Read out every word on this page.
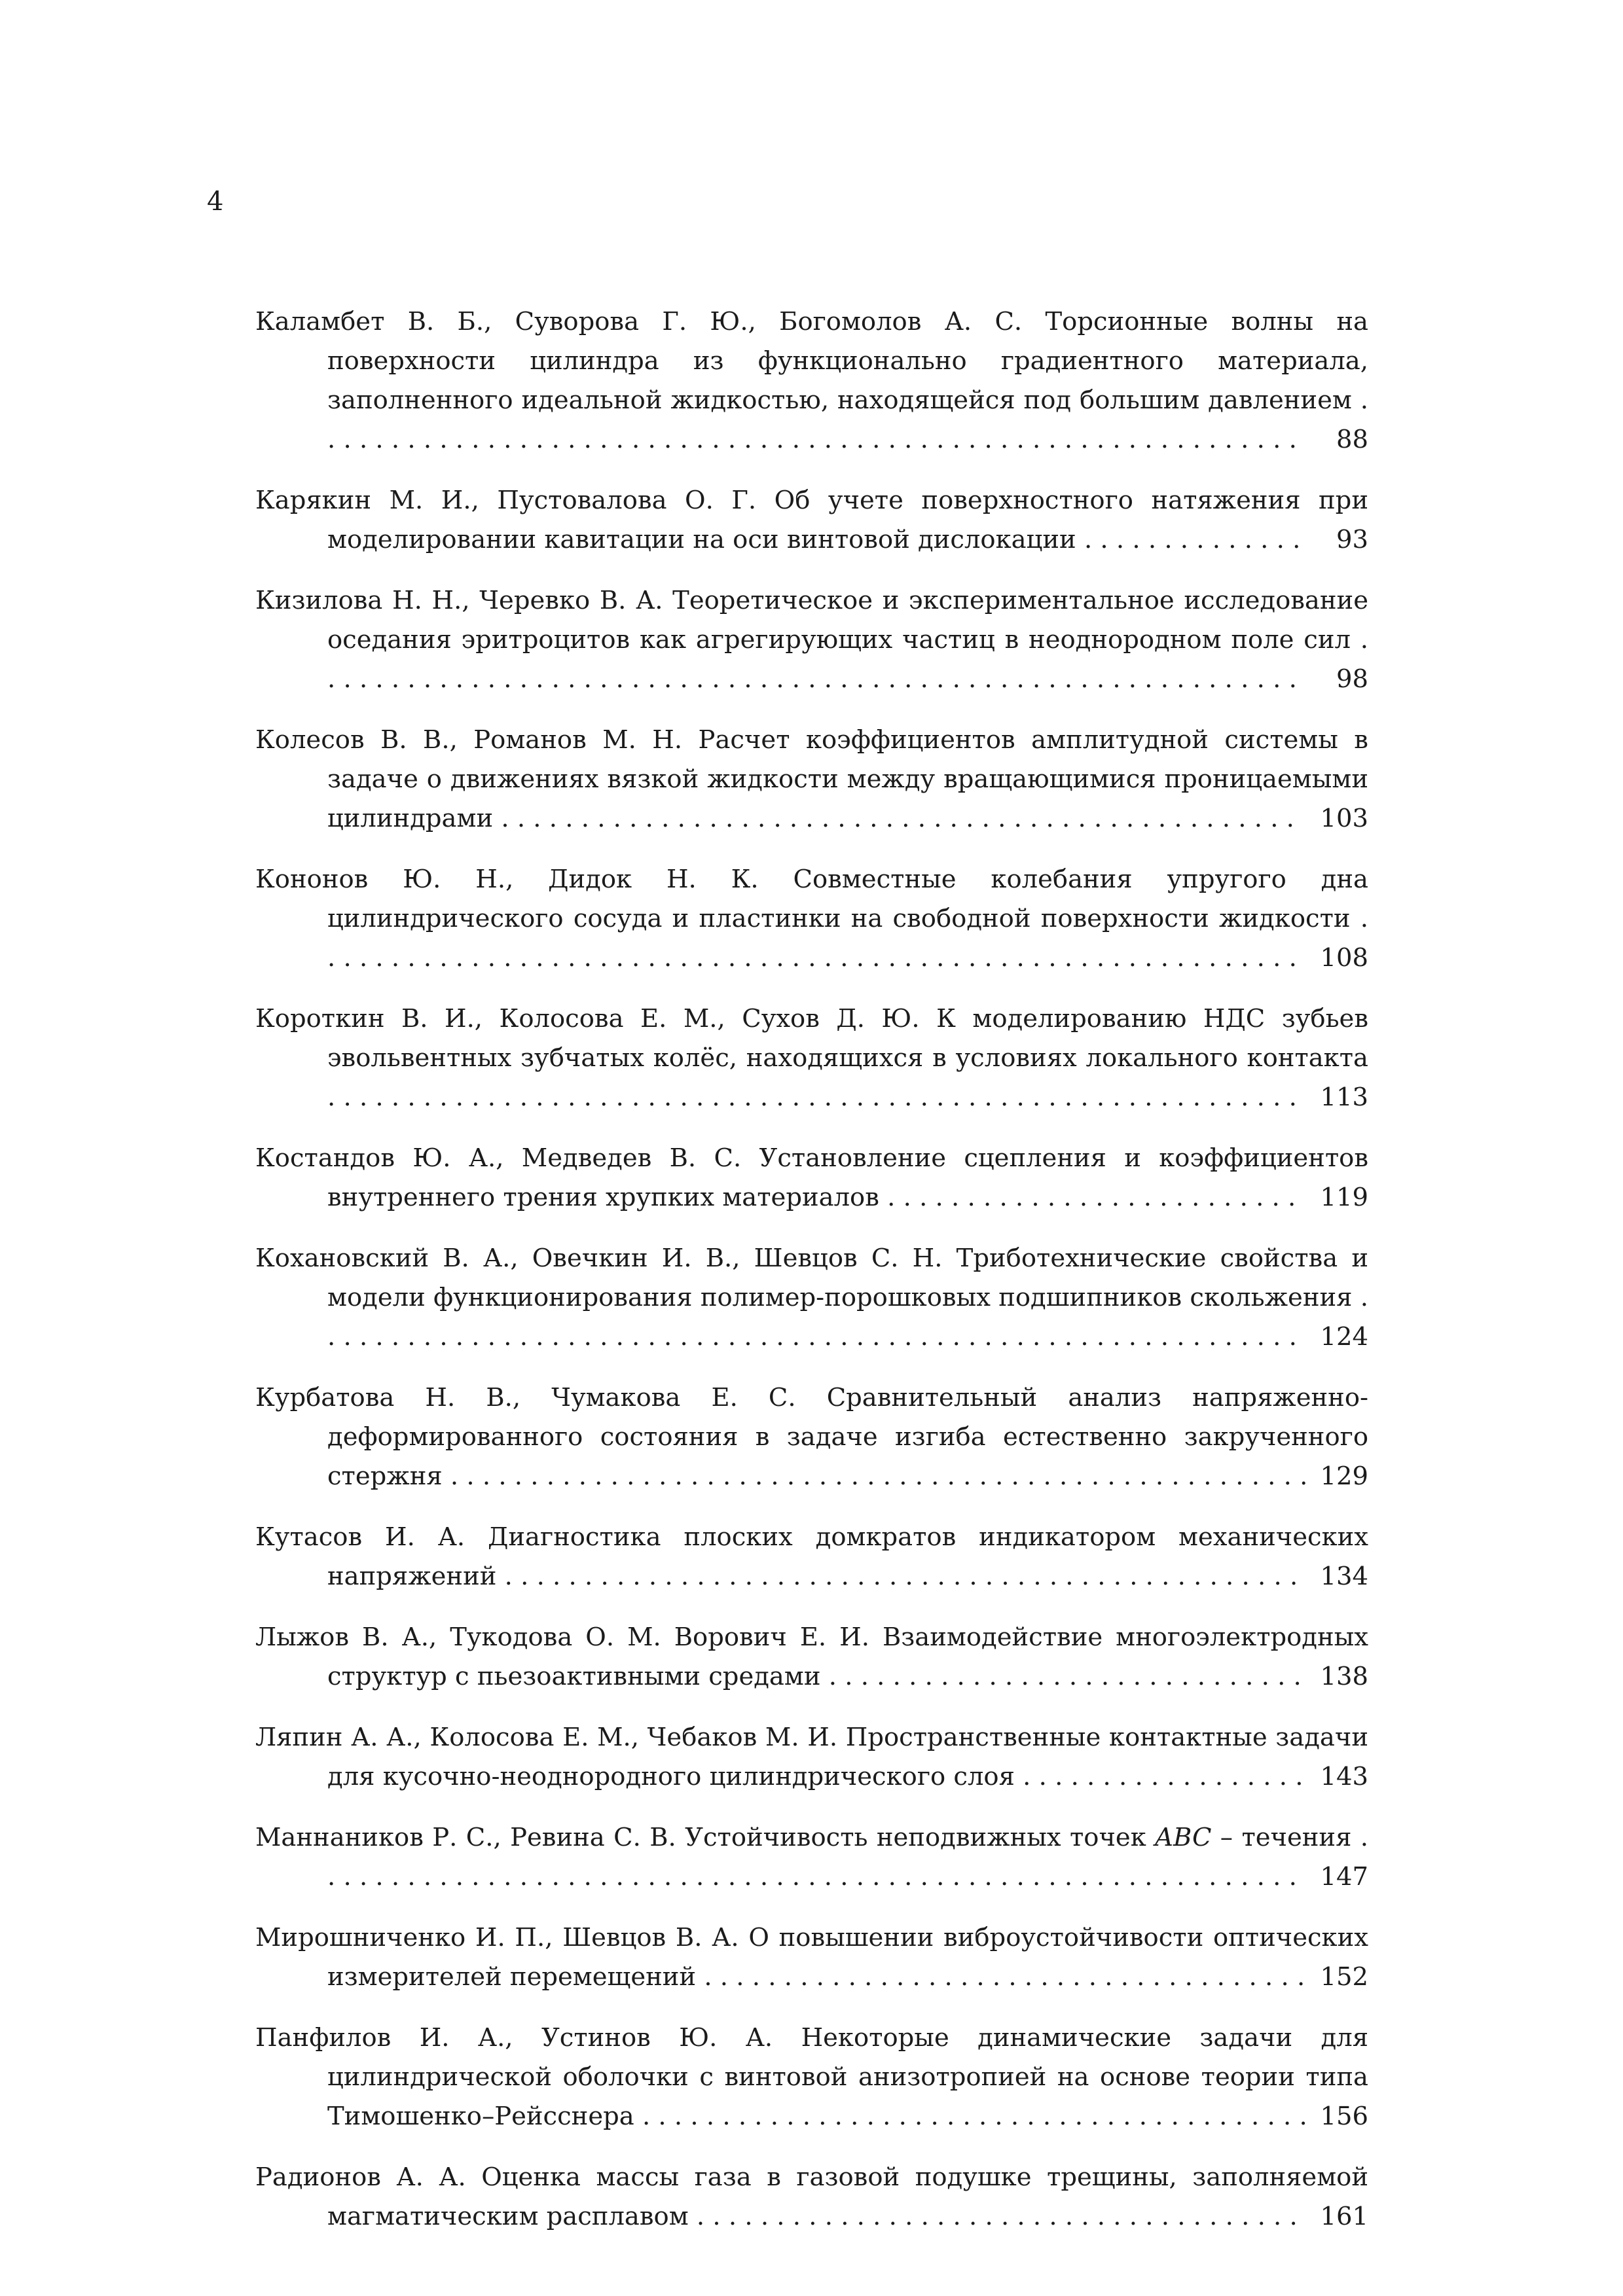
4
Каламбет В. Б., Суворова Г. Ю., Богомолов А. С. Торсионные волны на поверхности цилиндра из функционально градиентного материала, заполненного идеальной жидкостью, находящейся под большим давлением . . . . . . . . . . . . . . . . . . . . . . . . . . . . . . . . . . . . . . . . . . . . . . . . . . . . . . . . . . . . . . 88
Карякин М. И., Пустовалова О. Г. Об учете поверхностного натяжения при моделировании кавитации на оси винтовой дислокации . . . . . . . . . . . . . . 93
Кизилова Н. Н., Черевко В. А. Теоретическое и экспериментальное исследование оседания эритроцитов как агрегирующих частиц в неоднородном поле сил . . . . . . . . . . . . . . . . . . . . . . . . . . . . . . . . . . . . . . . . . . . . . . . . . . . . . . . . . . . . . . 98
Колесов В. В., Романов М. Н. Расчет коэффициентов амплитудной системы в задаче о движениях вязкой жидкости между вращающимися проницаемыми цилиндрами . . . . . . . . . . . . . . . . . . . . . . . . . . . . . . . . . . . . . . . . . . . . . . . . . . 103
Кононов Ю. Н., Дидок Н. К. Совместные колебания упругого дна цилиндрического сосуда и пластинки на свободной поверхности жидкости . . . . . . . . . . . . . . . . . . . . . . . . . . . . . . . . . . . . . . . . . . . . . . . . . . . . . . . . . . . . . . 108
Короткин В. И., Колосова Е. М., Сухов Д. Ю. К моделированию НДС зубьев эвольвентных зубчатых колёс, находящихся в условиях локального контакта . . . . . . . . . . . . . . . . . . . . . . . . . . . . . . . . . . . . . . . . . . . . . . . . . . . . . . . . . . . . . 113
Костандов Ю. А., Медведев В. С. Установление сцепления и коэффициентов внутреннего трения хрупких материалов . . . . . . . . . . . . . . . . . . . . . . . . . . 119
Кохановский В. А., Овечкин И. В., Шевцов С. Н. Триботехнические свойства и модели функционирования полимер-порошковых подшипников скольжения . . . . . . . . . . . . . . . . . . . . . . . . . . . . . . . . . . . . . . . . . . . . . . . . . . . . . . . . . . . . . . 124
Курбатова Н. В., Чумакова Е. С. Сравнительный анализ напряженно-деформированного состояния в задаче изгиба естественно закрученного стержня . . . . . . . . . . . . . . . . . . . . . . . . . . . . . . . . . . . . . . . . . . . . . . . . . . . . . . 129
Кутасов И. А. Диагностика плоских домкратов индикатором механических напряжений . . . . . . . . . . . . . . . . . . . . . . . . . . . . . . . . . . . . . . . . . . . . . . . . . . 134
Лыжов В. А., Тукодова О. М. Ворович Е. И. Взаимодействие многоэлектродных структур с пьезоактивными средами . . . . . . . . . . . . . . . . . . . . . . . . . . . . . . 138
Ляпин А. А., Колосова Е. М., Чебаков М. И. Пространственные контактные задачи для кусочно-неоднородного цилиндрического слоя . . . . . . . . . . . . . . . . . . 143
Маннаников Р. С., Ревина С. В. Устойчивость неподвижных точек ABC – течения . . . . . . . . . . . . . . . . . . . . . . . . . . . . . . . . . . . . . . . . . . . . . . . . . . . . . . . . . . . . . . 147
Мирошниченко И. П., Шевцов В. А. О повышении виброустойчивости оптических измерителей перемещений . . . . . . . . . . . . . . . . . . . . . . . . . . . . . . . . . . . . . . 152
Панфилов И. А., Устинов Ю. А. Некоторые динамические задачи для цилиндрической оболочки с винтовой анизотропией на основе теории типа Тимошенко–Рейсснера . . . . . . . . . . . . . . . . . . . . . . . . . . . . . . . . . . . . . . . . . . 156
Радионов А. А. Оценка массы газа в газовой подушке трещины, заполняемой магматическим расплавом . . . . . . . . . . . . . . . . . . . . . . . . . . . . . . . . . . . . . . 161
